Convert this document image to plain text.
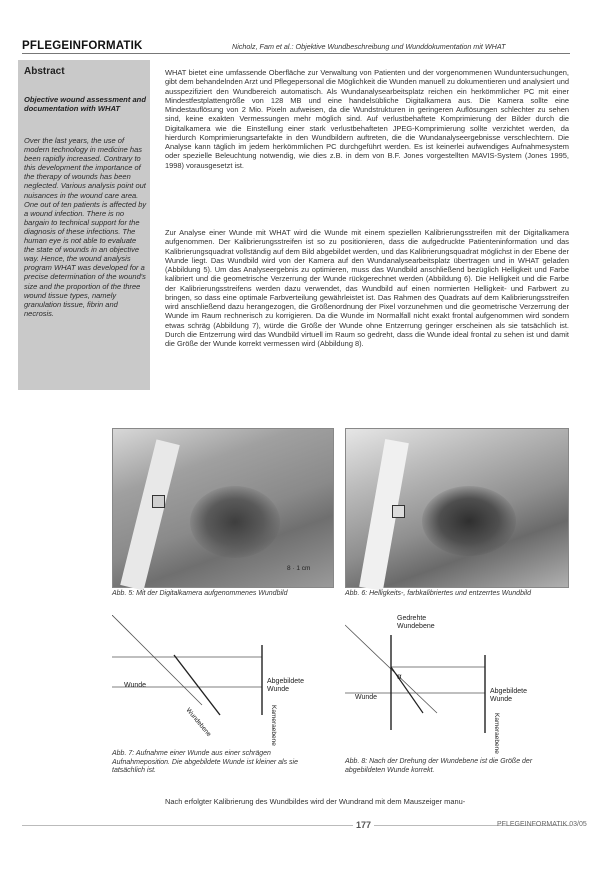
PFLEGEINFORMATIK	Nicholz, Fam et al.: Objektive Wundbeschreibung und Wunddokumentation mit WHAT
Abstract
Objective wound assessment and documentation with WHAT
Over the last years, the use of modern technology in medicine has been rapidly increased. Contrary to this development the importance of the therapy of wounds has been neglected. Various analysis point out nuisances in the wound care area. One out of ten patients is affected by a wound infection. There is no bargain to technical support for the diagnosis of these infections. The human eye is not able to evaluate the state of wounds in an objective way. Hence, the wound analysis program WHAT was developed for a precise determination of the wound's size and the proportion of the three wound tissue types, namely granulation tissue, fibrin and necrosis.
WHAT bietet eine umfassende Oberfläche zur Verwaltung von Patienten und der vorgenommenen Wunduntersuchungen, gibt dem behandelnden Arzt und Pflegepersonal die Möglichkeit die Wunden manuell zu dokumentieren und analysiert und ausspezifiziert den Wundbereich automatisch. Als Wundanalysearbeitsplatz reichen ein herkömmlicher PC mit einer Mindestfestplattengröße von 128 MB und eine handelsübliche Digitalkamera aus. Die Kamera sollte eine Mindestauflösung von 2 Mio. Pixeln aufweisen, da die Wundstrukturen in geringeren Auflösungen schlechter zu sehen sind, keine exakten Vermessungen mehr möglich sind. Auf verlustbehaftete Komprimierung der Bilder durch die Digitalkamera wie die Einstellung einer stark verlustbehafteten JPEG-Komprimierung sollte verzichtet werden, da hierdurch Komprimierungsartefakte in den Wundbildern auftreten, die die Wundanalyseergebnisse verschlechtern. Die Analyse kann täglich im jedem herkömmlichen PC durchgeführt werden. Es ist keinerlei aufwendiges Aufnahmesystem oder spezielle Beleuchtung notwendig, wie dies z.B. in dem von B.F. Jones vorgestellten MAVIS-System (Jones 1995, 1998) vorausgesetzt ist.
Zur Analyse einer Wunde mit WHAT wird die Wunde mit einem speziellen Kalibrierungsstreifen mit der Digitalkamera aufgenommen. Der Kalibrierungsstreifen ist so zu positionieren, dass die aufgedruckte Patienteninformation und das Kalibrierungsquadrat vollständig auf dem Bild abgebildet werden, und das Kalibrierungsquadrat möglichst in der Ebene der Wunde liegt. Das Wundbild wird von der Kamera auf den Wundanalysearbeitsplatz übertragen und in WHAT geladen (Abbildung 5). Um das Analyseergebnis zu optimieren, muss das Wundbild anschließend bezüglich Helligkeit und Farbe kalibriert und die geometrische Verzerrung der Wunde rückgerechnet werden (Abbildung 6). Die Helligkeit und die Farbe der Kalibrierungsstreifens werden dazu verwendet, das Wundbild auf einen normierten Helligkeit- und Farbwert zu bringen, so dass eine optimale Farbverteilung gewährleistet ist. Das Rahmen des Quadrats auf dem Kalibrierungsstreifen wird anschließend dazu herangezogen, die Größenordnung der Pixel vorzunehmen und die geometrische Verzerrung der Wunde im Raum rechnerisch zu korrigieren. Da die Wunde im Normalfall nicht exakt frontal aufgenommen wird sondern etwas schräg (Abbildung 7), würde die Größe der Wunde ohne Entzerrung geringer erscheinen als sie tatsächlich ist. Durch die Entzerrung wird das Wundbild virtuell im Raum so gedreht, dass die Wunde ideal frontal zu sehen ist und damit die Größe der Wunde korrekt vermessen wird (Abbildung 8).
8 · 1 cm
Abb. 5: Mit der Digitalkamera aufgenommenes Wundbild	Abb. 6: Helligkeits-, farbkalibriertes und entzerrtes Wundbild
Wunde
Abgebildete
Wunde
Wundebene	Kameraebene
Abb. 7: Aufnahme einer Wunde aus einer schrägen Aufnahmeposition. Die abgebildete Wunde ist kleiner als sie tatsächlich ist.
α
Gedrehte
Wundebene
Wunde
Abgebildete
Wunde
Kameraebene
Abb. 8: Nach der Drehung der Wundebene ist die Größe der abgebildeten Wunde korrekt.
Nach erfolgter Kalibrierung des Wundbildes wird der Wundrand mit dem Mauszeiger manu-
177	PFLEGEINFORMATIK 03/05
